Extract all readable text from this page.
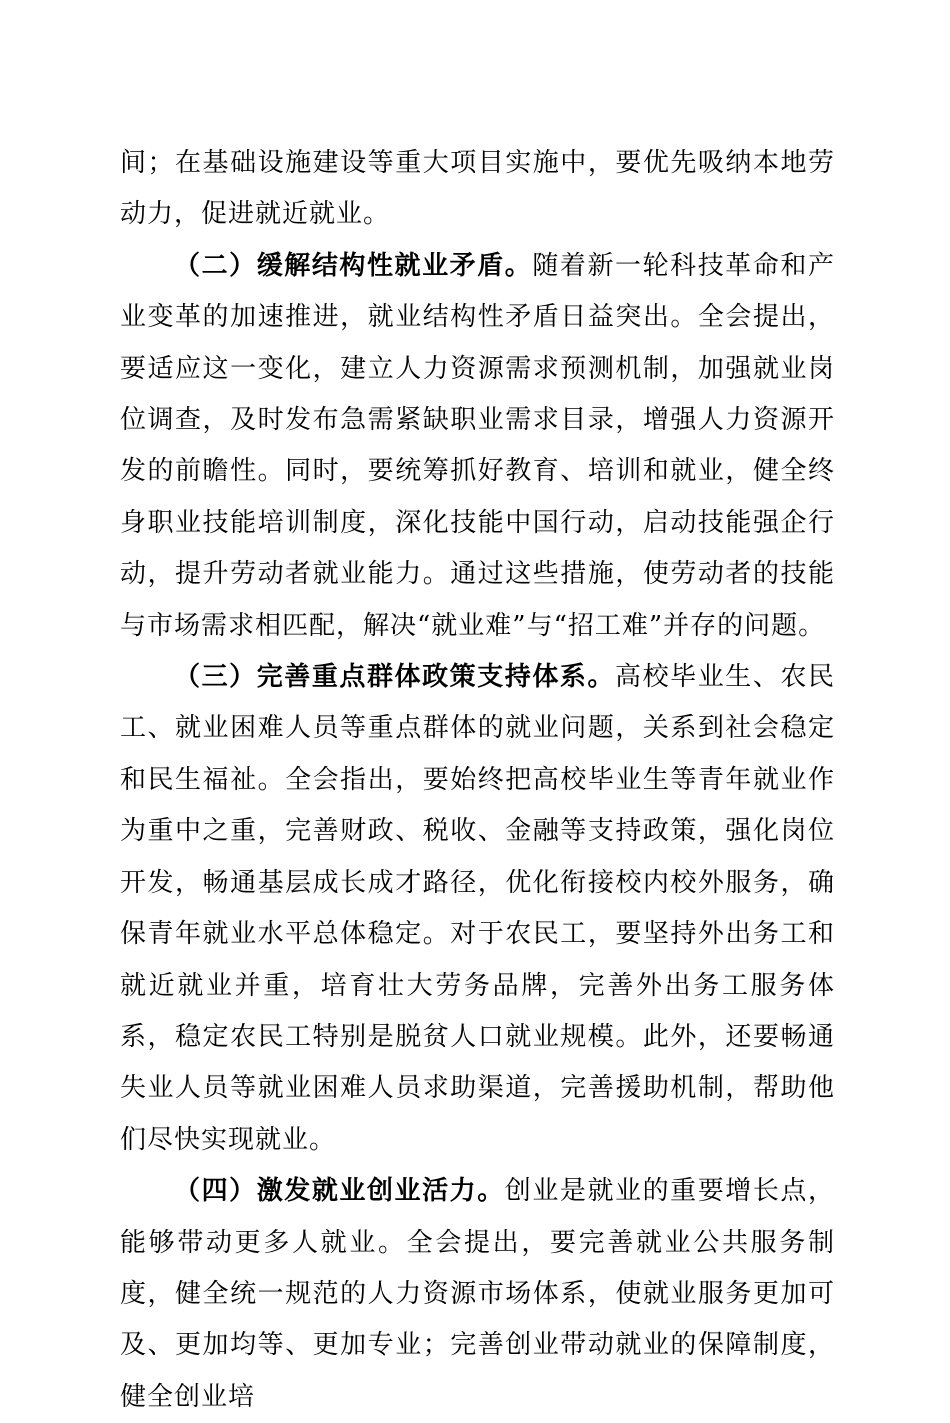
间；在基础设施建设等重大项目实施中，要优先吸纳本地劳动力，促进就近就业。

（二）缓解结构性就业矛盾。随着新一轮科技革命和产业变革的加速推进，就业结构性矛盾日益突出。全会提出，要适应这一变化，建立人力资源需求预测机制，加强就业岗位调查，及时发布急需紧缺职业需求目录，增强人力资源开发的前瞻性。同时，要统筹抓好教育、培训和就业，健全终身职业技能培训制度，深化技能中国行动，启动技能强企行动，提升劳动者就业能力。通过这些措施，使劳动者的技能与市场需求相匹配，解决“就业难”与“招工难”并存的问题。

（三）完善重点群体政策支持体系。高校毕业生、农民工、就业困难人员等重点群体的就业问题，关系到社会稳定和民生福祉。全会指出，要始终把高校毕业生等青年就业作为重中之重，完善财政、税收、金融等支持政策，强化岗位开发，畅通基层成长成才路径，优化衔接校内校外服务，确保青年就业水平总体稳定。对于农民工，要坚持外出务工和就近就业并重，培育壮大劳务品牌，完善外出务工服务体系，稳定农民工特别是脱贫人口就业规模。此外，还要畅通失业人员等就业困难人员求助渠道，完善援助机制，帮助他们尽快实现就业。

（四）激发就业创业活力。创业是就业的重要增长点，能够带动更多人就业。全会提出，要完善就业公共服务制度，健全统一规范的人力资源市场体系，使就业服务更加可及、更加均等、更加专业；完善创业带动就业的保障制度，健全创业培
